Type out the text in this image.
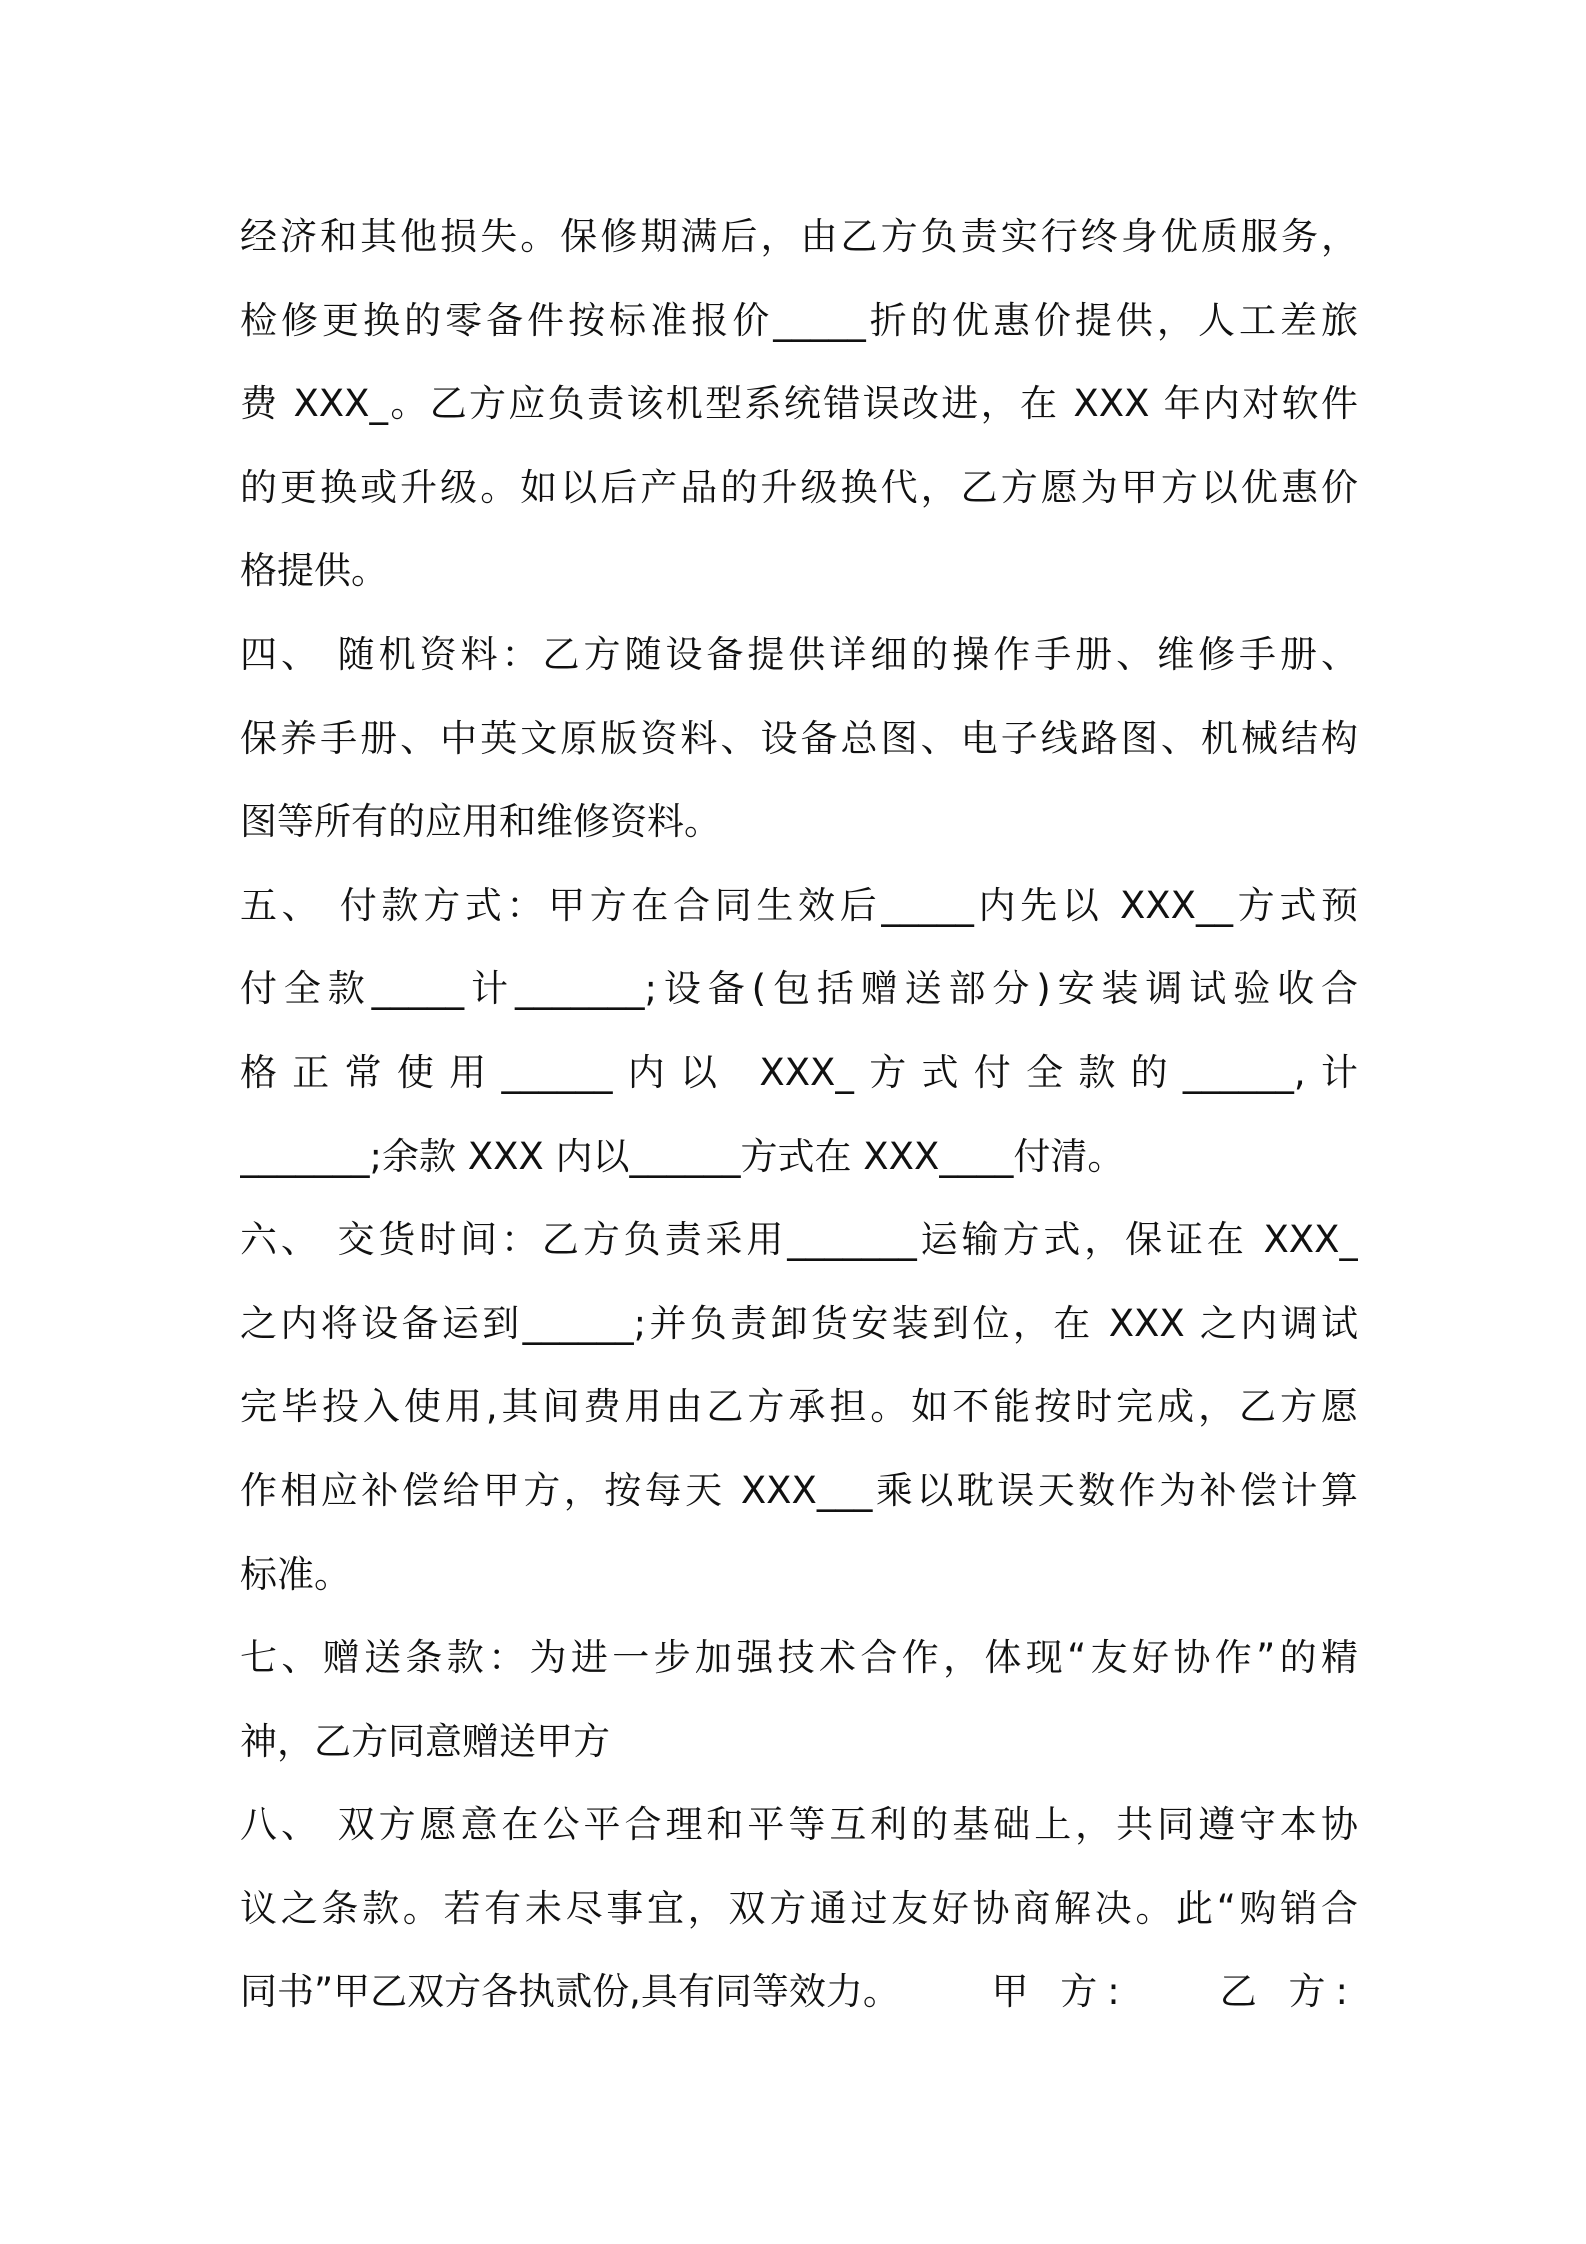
经济和其他损失。保修期满后，由乙方负责实行终身优质服务，
检修更换的零备件按标准报价_____折的优惠价提供，人工差旅
费 XXX_。乙方应负责该机型系统错误改进，在 XXX 年内对软件
的更换或升级。如以后产品的升级换代，乙方愿为甲方以优惠价
格提供。
四、 随机资料：乙方随设备提供详细的操作手册、维修手册、
保养手册、中英文原版资料、设备总图、电子线路图、机械结构
图等所有的应用和维修资料。
五、 付款方式：甲方在合同生效后_____内先以 XXX__方式预
付全款_____计_______;设备(包括赠送部分)安装调试验收合
格正常使用______内以 XXX_方式付全款的______,计
_______;余款 XXX 内以______方式在 XXX____付清。
六、 交货时间：乙方负责采用_______运输方式，保证在 XXX_
之内将设备运到______;并负责卸货安装到位，在 XXX 之内调试
完毕投入使用,其间费用由乙方承担。如不能按时完成，乙方愿
作相应补偿给甲方，按每天 XXX___乘以耽误天数作为补偿计算
标准。
七、赠送条款：为进一步加强技术合作，体现“友好协作”的精
神，乙方同意赠送甲方
八、 双方愿意在公平合理和平等互利的基础上，共同遵守本协
议之条款。若有未尽事宜，双方通过友好协商解决。此“购销合
同书”甲乙双方各执贰份,具有同等效力。 甲 方: 乙 方:
